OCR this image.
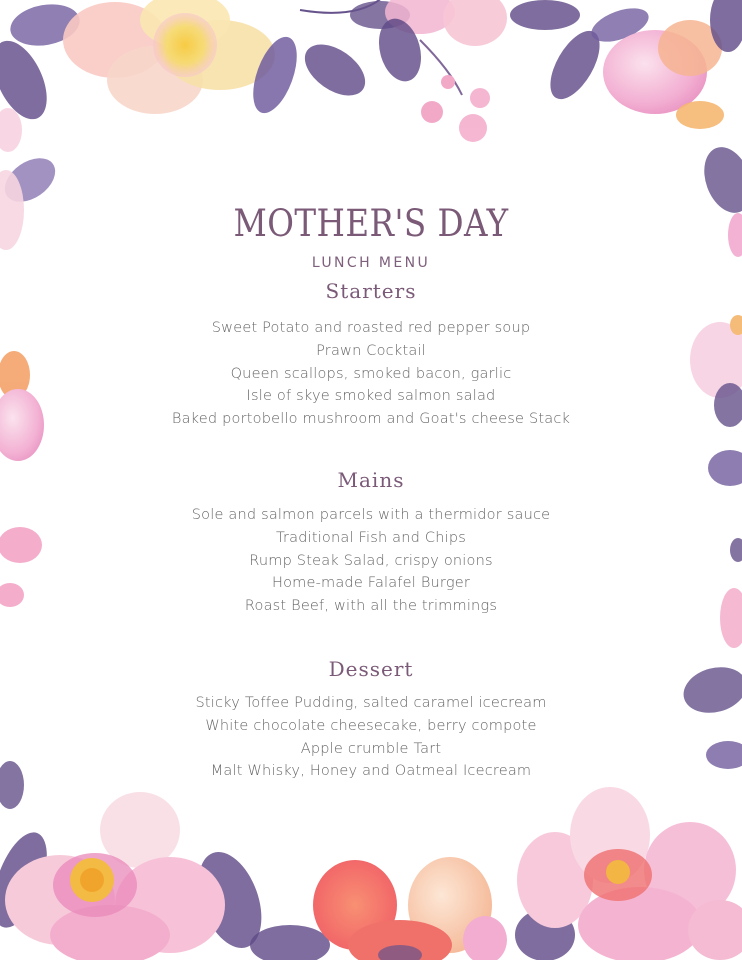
MOTHER'S DAY
LUNCH MENU
Starters
Sweet Potato and roasted red pepper soup
Prawn Cocktail
Queen scallops, smoked bacon, garlic
Isle of skye smoked salmon salad
Baked portobello mushroom and Goat's cheese Stack
Mains
Sole and salmon parcels with a thermidor sauce
Traditional Fish and Chips
Rump Steak Salad, crispy onions
Home-made Falafel Burger
Roast Beef, with all the trimmings
Dessert
Sticky Toffee Pudding, salted caramel icecream
White chocolate cheesecake, berry compote
Apple crumble Tart
Malt Whisky, Honey and Oatmeal Icecream
